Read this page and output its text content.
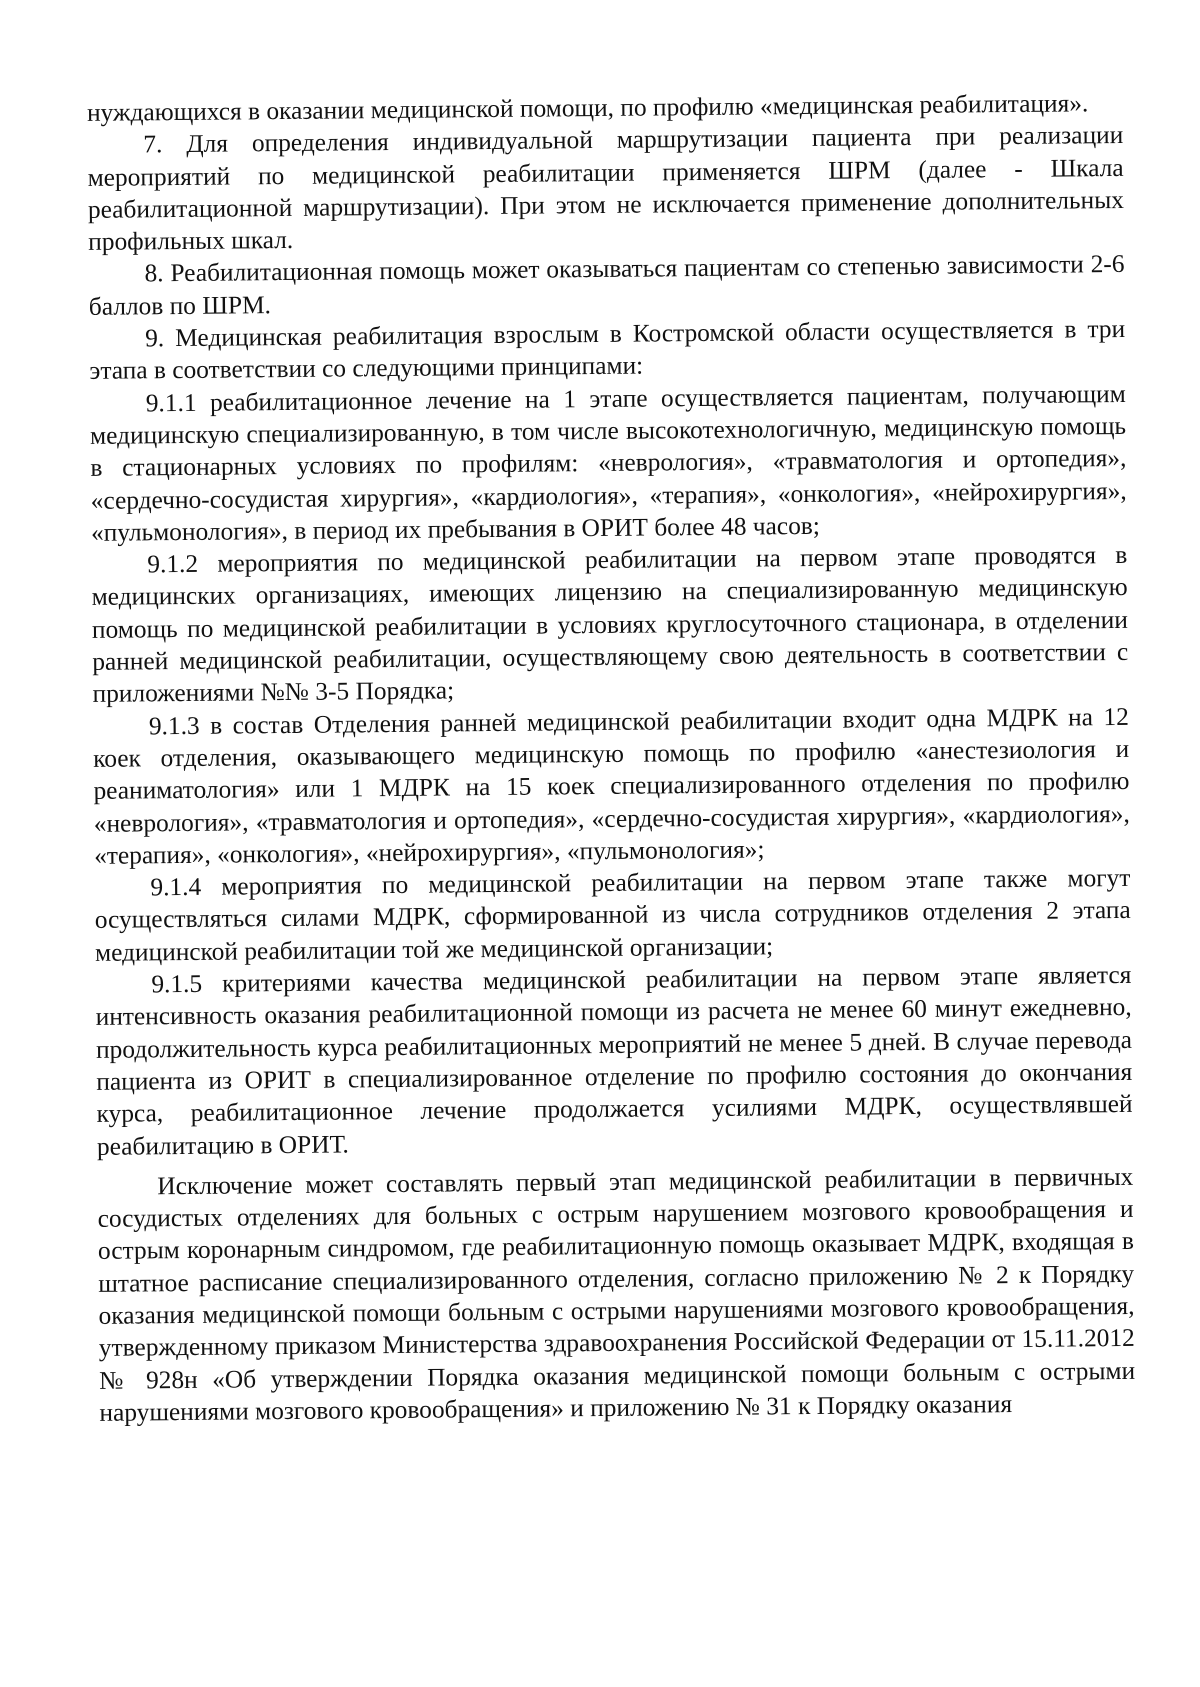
нуждающихся в оказании медицинской помощи, по профилю «медицинская реабилитация».

7. Для определения индивидуальной маршрутизации пациента при реализации мероприятий по медицинской реабилитации применяется ШРМ (далее - Шкала реабилитационной маршрутизации). При этом не исключается применение дополнительных профильных шкал.

8. Реабилитационная помощь может оказываться пациентам со степенью зависимости 2-6 баллов по ШРМ.

9. Медицинская реабилитация взрослым в Костромской области осуществляется в три этапа в соответствии со следующими принципами:

9.1.1 реабилитационное лечение на 1 этапе осуществляется пациентам, получающим медицинскую специализированную, в том числе высокотехнологичную, медицинскую помощь в стационарных условиях по профилям: «неврология», «травматология и ортопедия», «сердечно-сосудистая хирургия», «кардиология», «терапия», «онкология», «нейрохирургия», «пульмонология», в период их пребывания в ОРИТ более 48 часов;

9.1.2 мероприятия по медицинской реабилитации на первом этапе проводятся в медицинских организациях, имеющих лицензию на специализированную медицинскую помощь по медицинской реабилитации в условиях круглосуточного стационара, в отделении ранней медицинской реабилитации, осуществляющему свою деятельность в соответствии с приложениями №№ 3-5 Порядка;

9.1.3 в состав Отделения ранней медицинской реабилитации входит одна МДРК на 12 коек отделения, оказывающего медицинскую помощь по профилю «анестезиология и реаниматология» или 1 МДРК на 15 коек специализированного отделения по профилю «неврология», «травматология и ортопедия», «сердечно-сосудистая хирургия», «кардиология», «терапия», «онкология», «нейрохирургия», «пульмонология»;

9.1.4 мероприятия по медицинской реабилитации на первом этапе также могут осуществляться силами МДРК, сформированной из числа сотрудников отделения 2 этапа медицинской реабилитации той же медицинской организации;

9.1.5 критериями качества медицинской реабилитации на первом этапе является интенсивность оказания реабилитационной помощи из расчета не менее 60 минут ежедневно, продолжительность курса реабилитационных мероприятий не менее 5 дней. В случае перевода пациента из ОРИТ в специализированное отделение по профилю состояния до окончания курса, реабилитационное лечение продолжается усилиями МДРК, осуществлявшей реабилитацию в ОРИТ.

Исключение может составлять первый этап медицинской реабилитации в первичных сосудистых отделениях для больных с острым нарушением мозгового кровообращения и острым коронарным синдромом, где реабилитационную помощь оказывает МДРК, входящая в штатное расписание специализированного отделения, согласно приложению № 2 к Порядку оказания медицинской помощи больным с острыми нарушениями мозгового кровообращения, утвержденному приказом Министерства здравоохранения Российской Федерации от 15.11.2012 № 928н «Об утверждении Порядка оказания медицинской помощи больным с острыми нарушениями мозгового кровообращения» и приложению № 31 к Порядку оказания
